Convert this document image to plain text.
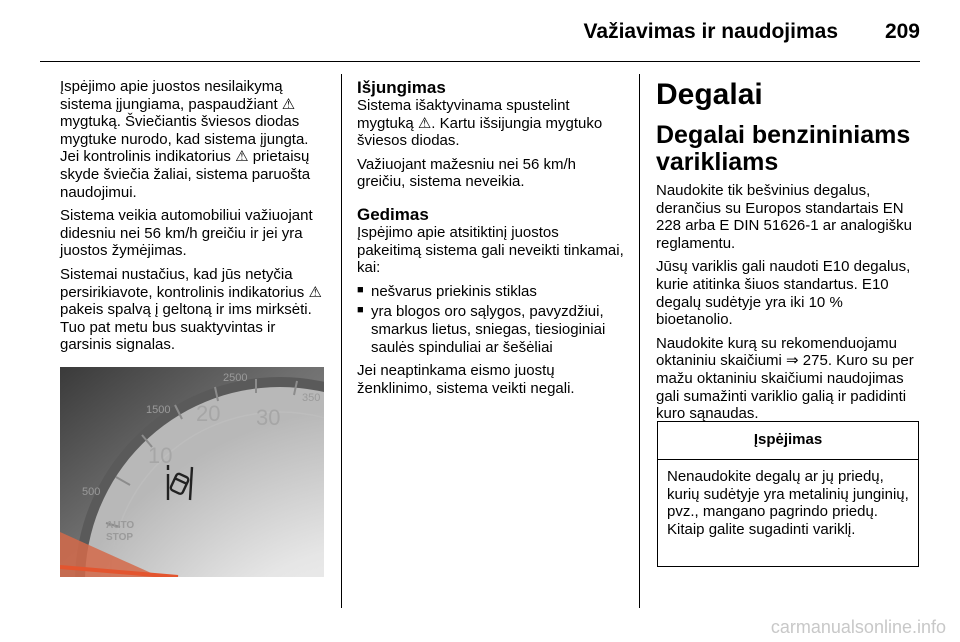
Važiavimas ir naudojimas 209

Įspėjimo apie juostos nesilaikymą sistema įjungiama, paspaudžiant ⚠ mygtuką. Šviečiantis šviesos diodas mygtuke nurodo, kad sistema įjungta. Jei kontrolinis indikatorius ⚠ prietaisų skyde šviečia žaliai, sistema paruošta naudojimui.

Sistema veikia automobiliui važiuojant didesniu nei 56 km/h greičiu ir jei yra juostos žymėjimas.

Sistemai nustačius, kad jūs netyčia persirikiavote, kontrolinis indikatorius ⚠ pakeis spalvą į geltoną ir ims mirksėti. Tuo pat metu bus suaktyvintas ir garsinis signalas.

500
10
1500 20
2500
30
350
AUTO
STOP
Išjungimas

Sistema išaktyvinama spustelint mygtuką ⚠. Kartu išsijungia mygtuko šviesos diodas.

Važiuojant mažesniu nei 56 km/h greičiu, sistema neveikia.

Gedimas

Įspėjimo apie atsitiktinį juostos pakeitimą sistema gali neveikti tinkamai, kai:

■ nešvarus priekinis stiklas
■ yra blogos oro sąlygos, pavyzdžiui, smarkus lietus, sniegas, tiesioginiai saulės spinduliai ar šešėliai

Jei neaptinkama eismo juostų ženklinimo, sistema veikti negali.

Degalai
Degalai benzininiams varikliams

Naudokite tik bešvinius degalus, derančius su Europos standartais EN 228 arba E DIN 51626-1 ar analogišku reglamentu.

Jūsų variklis gali naudoti E10 degalus, kurie atitinka šiuos standartus. E10 degalų sudėtyje yra iki 10 % bioetanolio.

Naudokite kurą su rekomenduojamu oktaniniu skaičiumi ⇒ 275. Kuro su per mažu oktaniniu skaičiumi naudojimas gali sumažinti variklio galią ir padidinti kuro sąnaudas.

Įspėjimas
Nenaudokite degalų ar jų priedų, kurių sudėtyje yra metalinių junginių, pvz., mangano pagrindo priedų. Kitaip galite sugadinti variklį.
carmanualsonline.info
